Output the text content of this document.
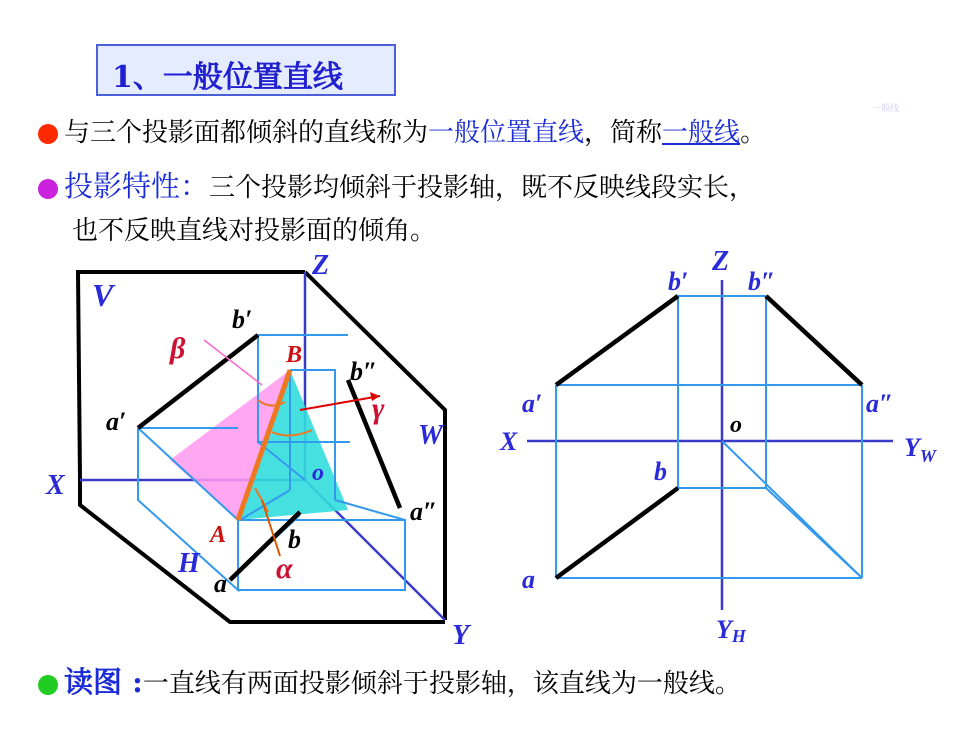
1、一般位置直线
与三个投影面都倾斜的直线称为一般位置直线，简称一般线。
一般线
投影特性：三个投影均倾斜于投影轴，既不反映线段实长，
也不反映直线对投影面的倾角。
读图 :一直线有两面投影倾斜于投影轴，该直线为一般线。
V
Z
W
X
H
Y
o
B
A
b′
a′
b″
a″
b
a
β
γ
α
Z
X	$Y_W$
YH
o
b′ b″
a′	a″
b
a
